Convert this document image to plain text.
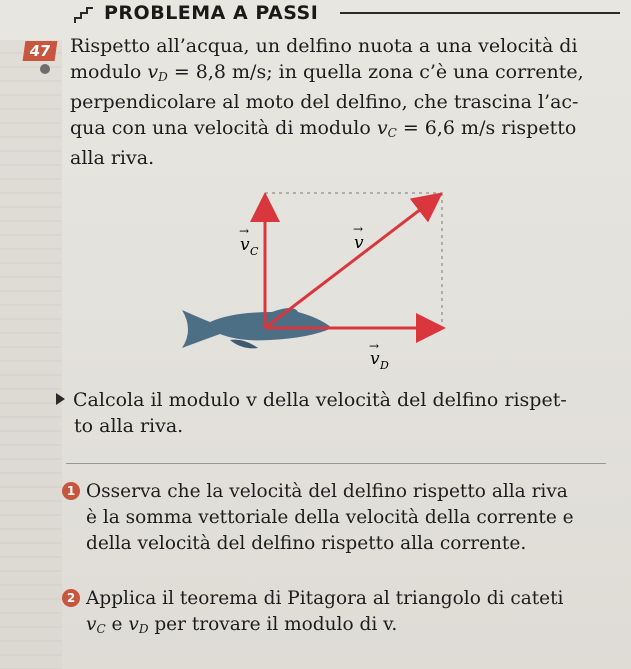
PROBLEMA A PASSI
47 Rispetto all’acqua, un delfino nuota a una velocità di

modulo $v_D = 8,8$ m/s; in quella zona c’è una corrente,

perpendicolare al moto del delfino, che trascina l’ac-

qua con una velocità di modulo $v_C = 6,6$ m/s rispetto

alla riva.

→
v C
→
v
→
v D

Calcola il modulo v della velocità del delfino rispet-

to alla riva.

1 Osserva che la velocità del delfino rispetto alla riva

è la somma vettoriale della velocità della corrente e

della velocità del delfino rispetto alla corrente.

2 Applica il teorema di Pitagora al triangolo di cateti

$v_C$ e $v_D$ per trovare il modulo di v.
